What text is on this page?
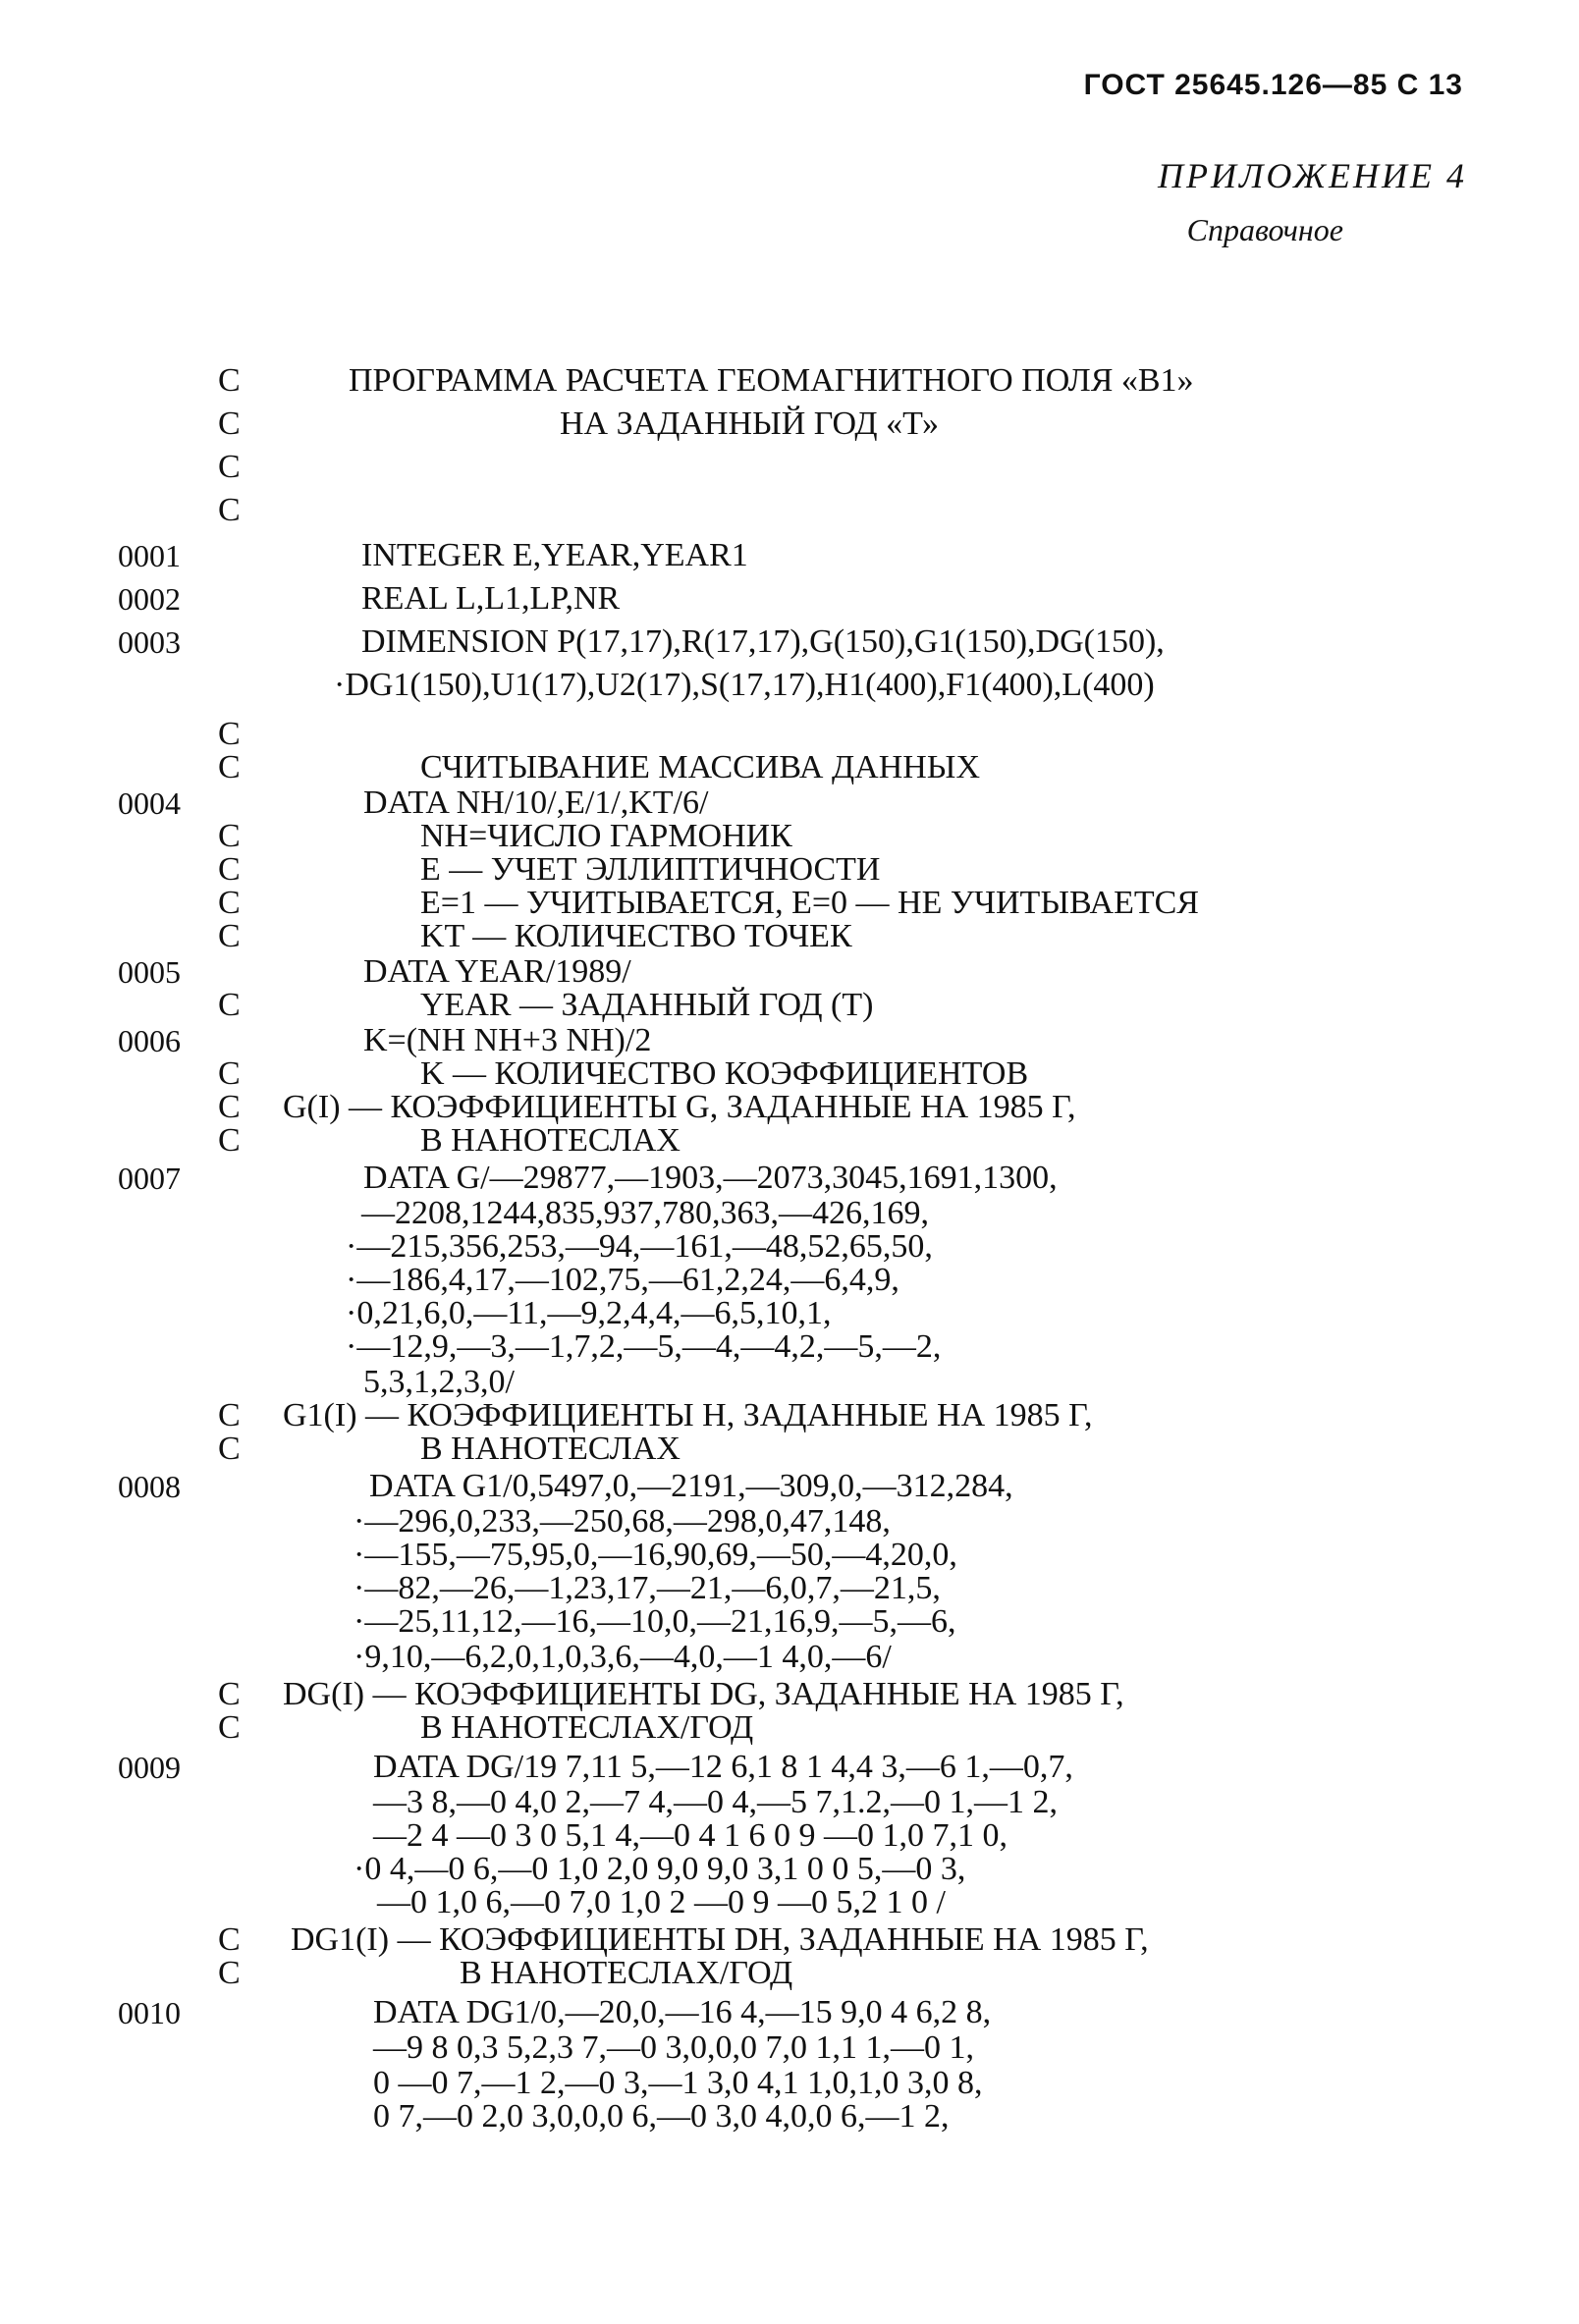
ГОСТ 25645.126—85 С 13
ПРИЛОЖЕНИЕ 4
Справочное
C	ПРОГРАММА РАСЧЕТА ГЕОМАГНИТНОГО ПОЛЯ «B1»
C	НА ЗАДАННЫЙ ГОД «Т»
C
C
0001	INTEGER E,YEAR,YEAR1
0002	REAL L,L1,LP,NR
0003	DIMENSION P(17,17),R(17,17),G(150),G1(150),DG(150),
·DG1(150),U1(17),U2(17),S(17,17),H1(400),F1(400),L(400)
C
C	СЧИТЫВАНИЕ МАССИВА ДАННЫХ
0004	DATA NH/10/,E/1/,KT/6/
C	NH=ЧИСЛО ГАРМОНИК
C	E — УЧЕТ ЭЛЛИПТИЧНОСТИ
C	E=1 — УЧИТЫВАЕТСЯ, E=0 — НЕ УЧИТЫВАЕТСЯ
C	KT — КОЛИЧЕСТВО ТОЧЕК
0005	DATA YEAR/1989/
C	YEAR — ЗАДАННЫЙ ГОД (T)
0006	K=(NH NH+3 NH)/2
C	K — КОЛИЧЕСТВО КОЭФФИЦИЕНТОВ
C G(I) — КОЭФФИЦИЕНТЫ G, ЗАДАННЫЕ НА 1985 Г,
C	В НАНОТЕСЛАХ
0007	DATA G/—29877,—1903,—2073,3045,1691,1300,
—2208,1244,835,937,780,363,—426,169,
·—215,356,253,—94,—161,—48,52,65,50,
·—186,4,17,—102,75,—61,2,24,—6,4,9,
·0,21,6,0,—11,—9,2,4,4,—6,5,10,1,
·—12,9,—3,—1,7,2,—5,—4,—4,2,—5,—2,
5,3,1,2,3,0/
C G1(I) — КОЭФФИЦИЕНТЫ H, ЗАДАННЫЕ НА 1985 Г,
C	В НАНОТЕСЛАХ
0008	DATA G1/0,5497,0,—2191,—309,0,—312,284,
·—296,0,233,—250,68,—298,0,47,148,
·—155,—75,95,0,—16,90,69,—50,—4,20,0,
·—82,—26,—1,23,17,—21,—6,0,7,—21,5,
·—25,11,12,—16,—10,0,—21,16,9,—5,—6,
·9,10,—6,2,0,1,0,3,6,—4,0,—1 4,0,—6/
C DG(I) — КОЭФФИЦИЕНТЫ DG, ЗАДАННЫЕ НА 1985 Г,
C	В НАНОТЕСЛАХ/ГОД
0009	DATA DG/19 7,11 5,—12 6,1 8 1 4,4 3,—6 1,—0,7,
—3 8,—0 4,0 2,—7 4,—0 4,—5 7,1.2,—0 1,—1 2,
—2 4 —0 3 0 5,1 4,—0 4 1 6 0 9 —0 1,0 7,1 0,
·0 4,—0 6,—0 1,0 2,0 9,0 9,0 3,1 0 0 5,—0 3,
—0 1,0 6,—0 7,0 1,0 2 —0 9 —0 5,2 1 0 /
C DG1(I) — КОЭФФИЦИЕНТЫ DH, ЗАДАННЫЕ НА 1985 Г,
C	В НАНОТЕСЛАХ/ГОД
0010	DATA DG1/0,—20,0,—16 4,—15 9,0 4 6,2 8,
—9 8 0,3 5,2,3 7,—0 3,0,0,0 7,0 1,1 1,—0 1,
0 —0 7,—1 2,—0 3,—1 3,0 4,1 1,0,1,0 3,0 8,
0 7,—0 2,0 3,0,0,0 6,—0 3,0 4,0,0 6,—1 2,
